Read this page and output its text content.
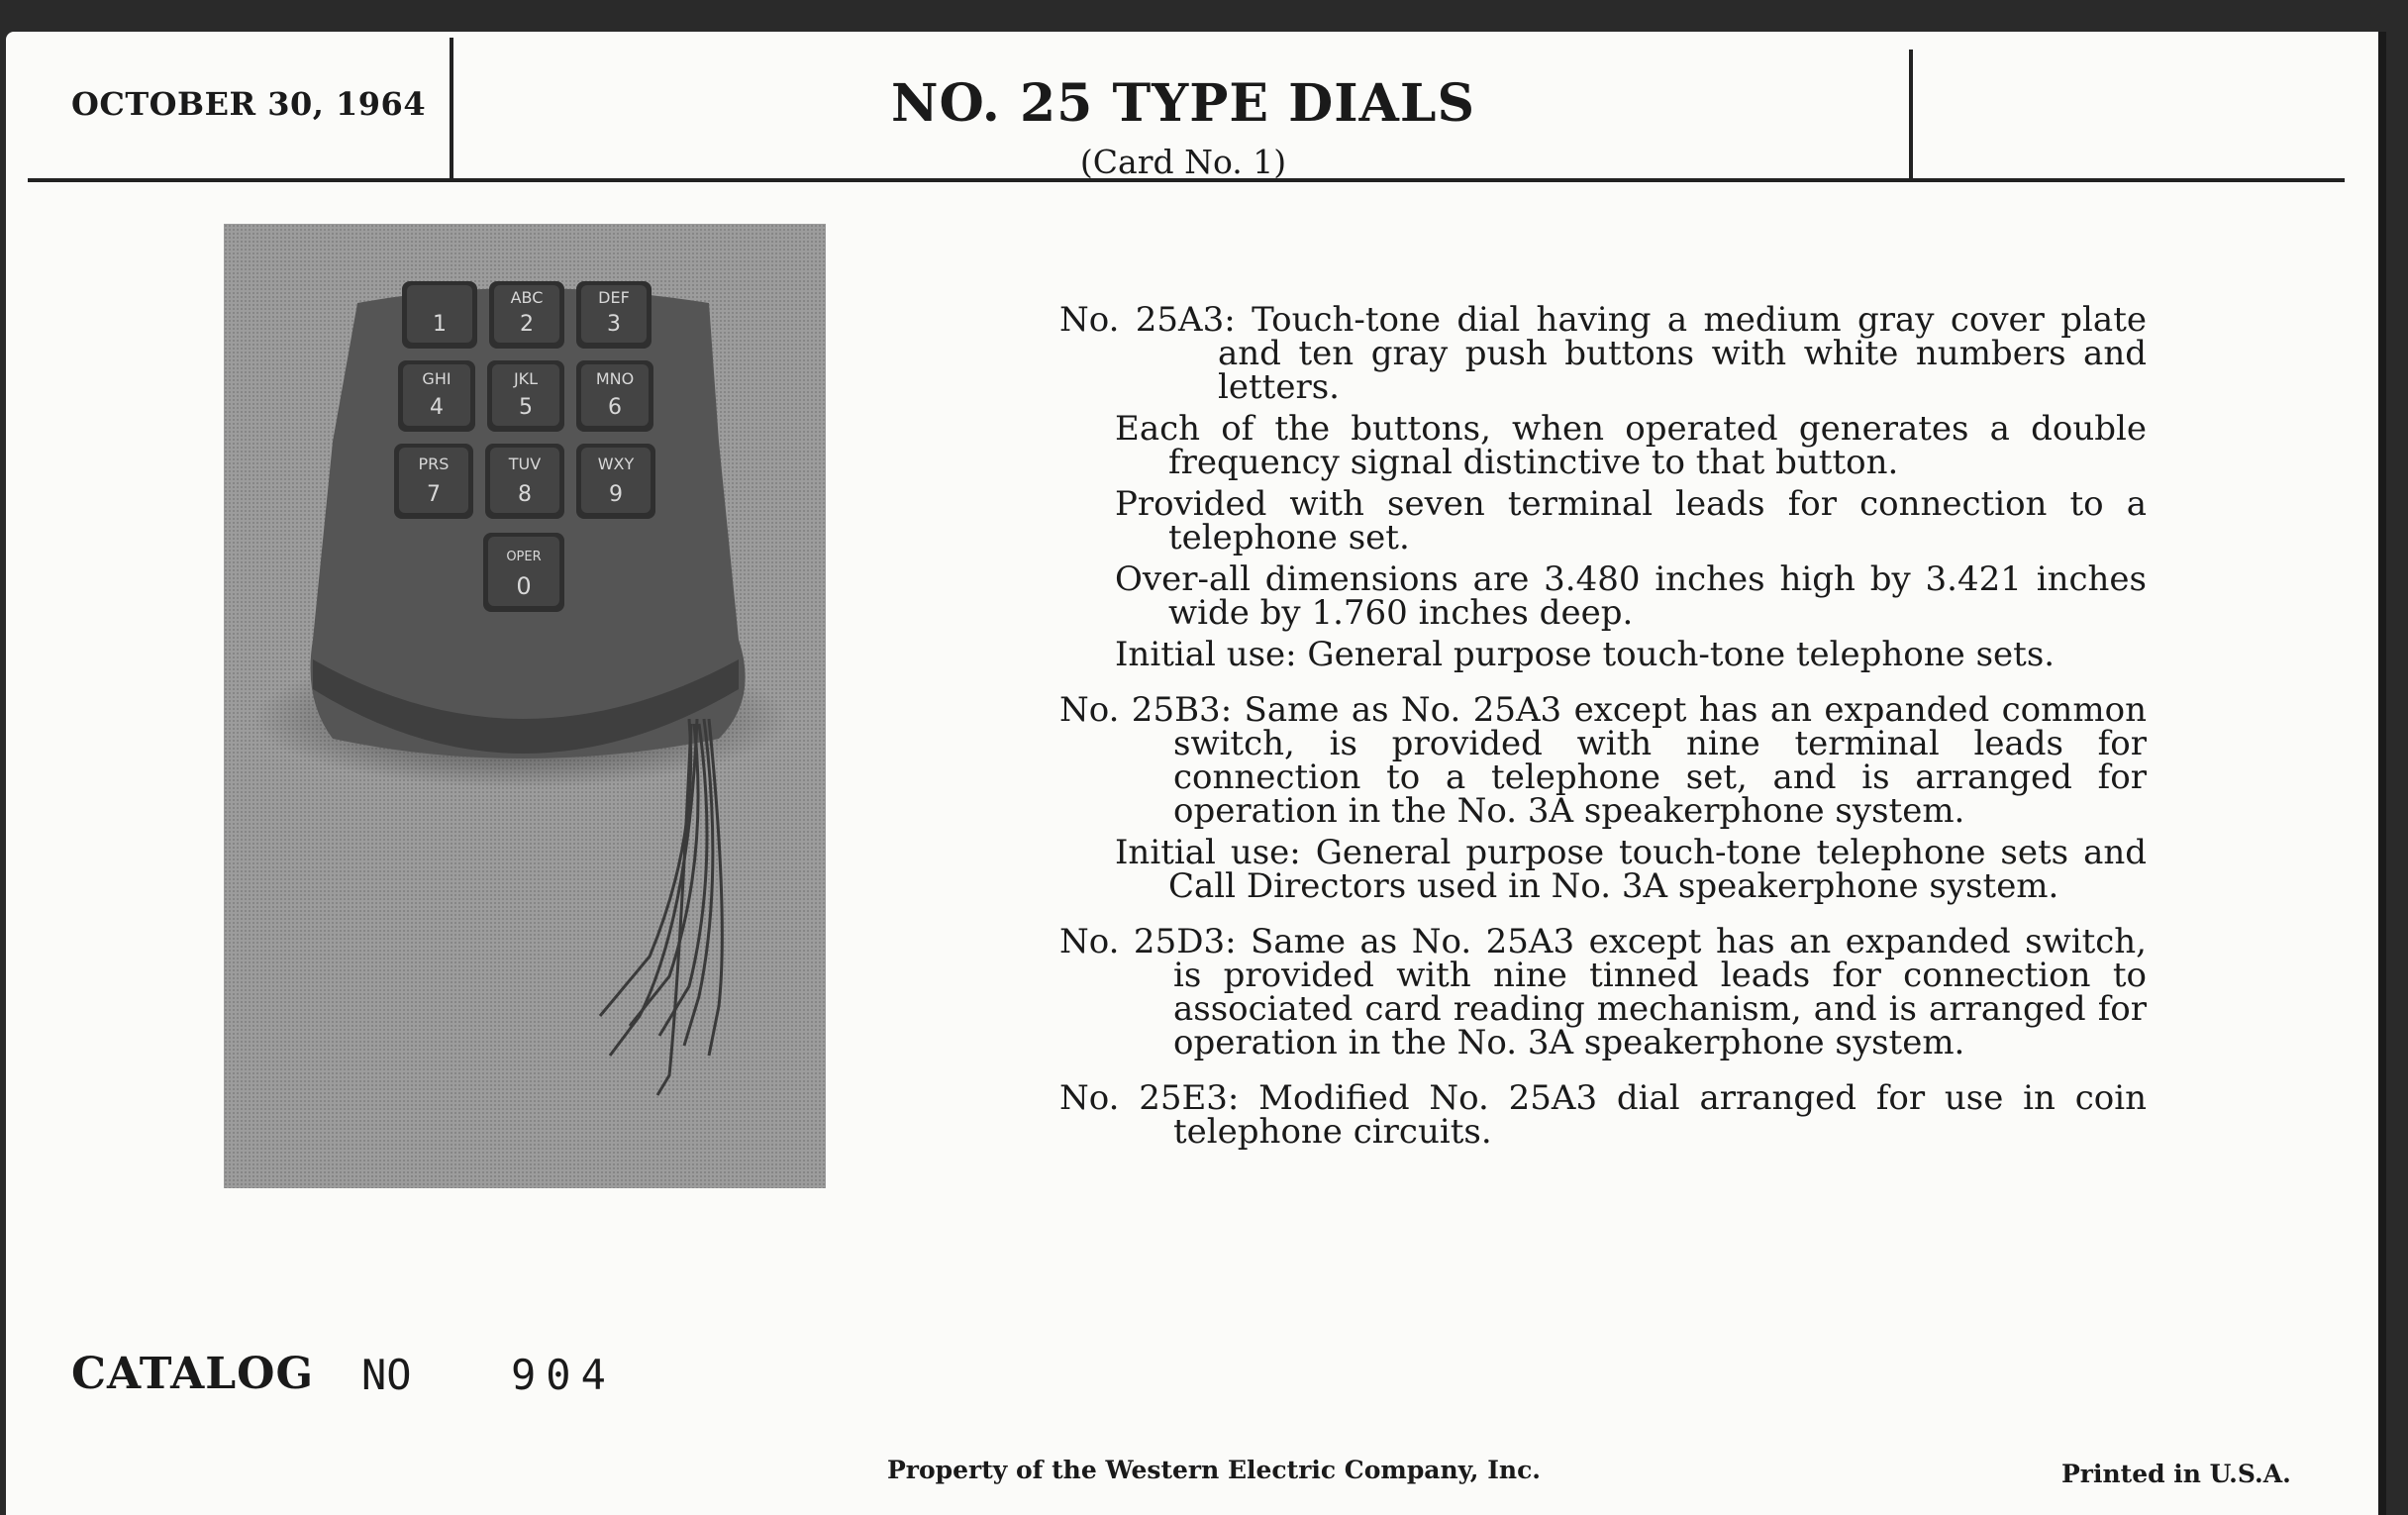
OCTOBER 30, 1964	NO. 25 TYPE DIALS
(Card No. 1)
1
ABC
2
DEF
3
GHI
4
JKL
5
MNO
6
PRS
7
TUV
8
WXY
9
OPER
0
No. 25A3: Touch-tone dial having a medium gray cover plate and ten gray push buttons with white numbers and letters.
Each of the buttons, when operated generates a double frequency signal distinctive to that button.
Provided with seven terminal leads for connection to a telephone set.
Over-all dimensions are 3.480 inches high by 3.421 inches wide by 1.760 inches deep.
Initial use: General purpose touch-tone telephone sets.
No. 25B3: Same as No. 25A3 except has an expanded common switch, is provided with nine terminal leads for connection to a telephone set, and is arranged for operation in the No. 3A speakerphone system.
Initial use: General purpose touch-tone telephone sets and Call Directors used in No. 3A speakerphone system.
No. 25D3: Same as No. 25A3 except has an expanded switch, is provided with nine tinned leads for connection to associated card reading mechanism, and is arranged for operation in the No. 3A speakerphone system.
No. 25E3: Modified No. 25A3 dial arranged for use in coin telephone circuits.
CATALOG NO 904
Property of the Western Electric Company, Inc.	Printed in U.S.A.
